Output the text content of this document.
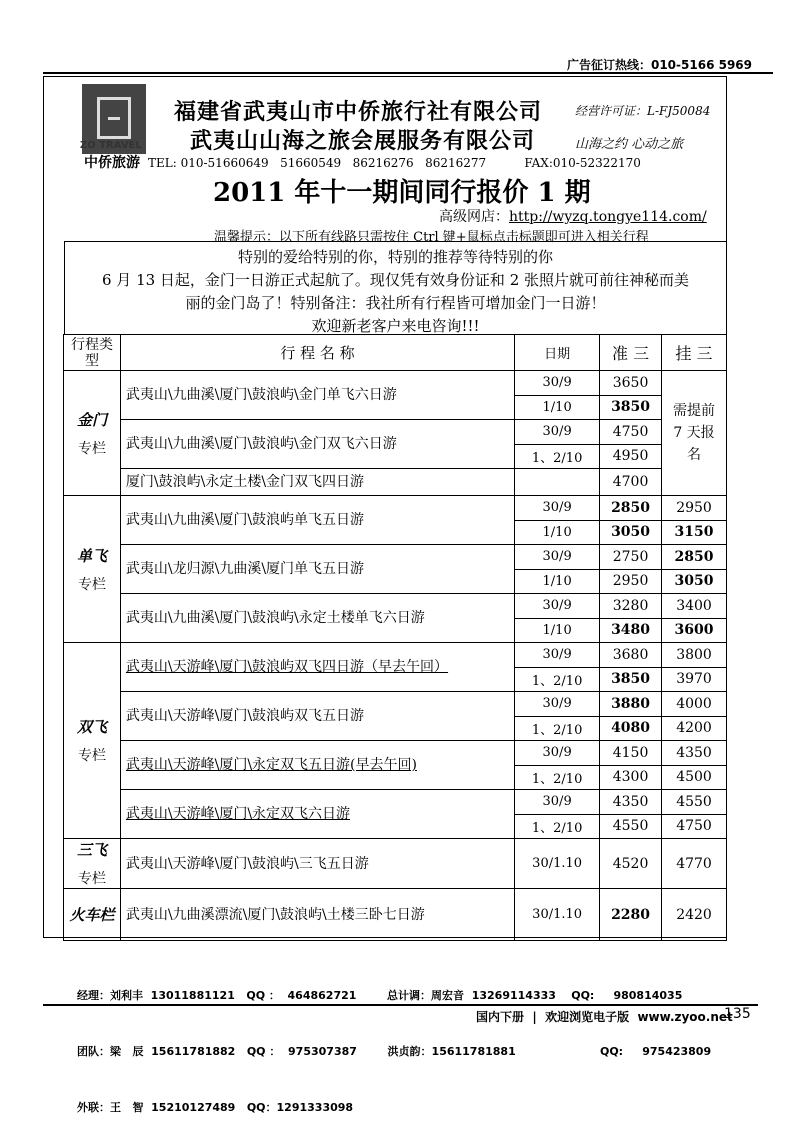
广告征订热线：010-5166 5969
ZO TRAVEL
中侨旅游
福建省武夷山市中侨旅行社有限公司
武夷山山海之旅会展服务有限公司
经营许可证：L-FJ50084
山海之约 心动之旅
TEL: 010-51660649   51660549   86216276   86216277          FAX:010-52322170
2011 年十一期间同行报价 1 期
高级网店：http://wyzq.tongye114.com/
温馨提示：以下所有线路只需按住 Ctrl 键+鼠标点击标题即可进入相关行程
特别的爱给特别的你，特别的推荐等待特别的你
6 月 13 日起，金门一日游正式起航了。现仅凭有效身份证和 2 张照片就可前往神秘而美
丽的金门岛了！特别备注：我社所有行程皆可增加金门一日游！
欢迎新老客户来电咨询!!!
行程类型	行 程 名 称	日期	准 三	挂 三

金门
专栏	武夷山\九曲溪\厦门\鼓浪屿\金门单飞六日游	30/9	3650	需提前 7 天报名
		1/10	3850	
	武夷山\九曲溪\厦门\鼓浪屿\金门双飞六日游	30/9	4750	
		1、2/10	4950	
	厦门\鼓浪屿\永定土楼\金门双飞四日游		4700	

单飞
专栏	武夷山\九曲溪\厦门\鼓浪屿单飞五日游	30/9	2850	2950
		1/10	3050	3150
	武夷山\龙归源\九曲溪\厦门单飞五日游	30/9	2750	2850
		1/10	2950	3050
	武夷山\九曲溪\厦门\鼓浪屿\永定土楼单飞六日游	30/9	3280	3400
		1/10	3480	3600

双飞
专栏	武夷山\天游峰\厦门\鼓浪屿双飞四日游（早去午回）	30/9	3680	3800
		1、2/10	3850	3970
	武夷山\天游峰\厦门\鼓浪屿双飞五日游	30/9	3880	4000
		1、2/10	4080	4200
	武夷山\天游峰\厦门\永定双飞五日游(早去午回)	30/9	4150	4350
		1、2/10	4300	4500
	武夷山\天游峰\厦门\永定双飞六日游	30/9	4350	4550
		1、2/10	4550	4750

三飞
专栏	武夷山\天游峰\厦门\鼓浪屿\三飞五日游	30/1.10	4520	4770

火车栏	武夷山\九曲溪漂流\厦门\鼓浪屿\土楼三卧七日游	30/1.10	2280	2420

经理：刘利丰  13011881121   QQ ：  464862721        总计调：周宏音  13269114333    QQ:     980814035

团队：梁   辰  15611781882   QQ ：  975307387        洪贞韵：15611781881                      QQ:     975423809

外联：王   智  15210127489   QQ：1291333098

国内下册  |  欢迎浏览电子版  www.zyoo.net
135
